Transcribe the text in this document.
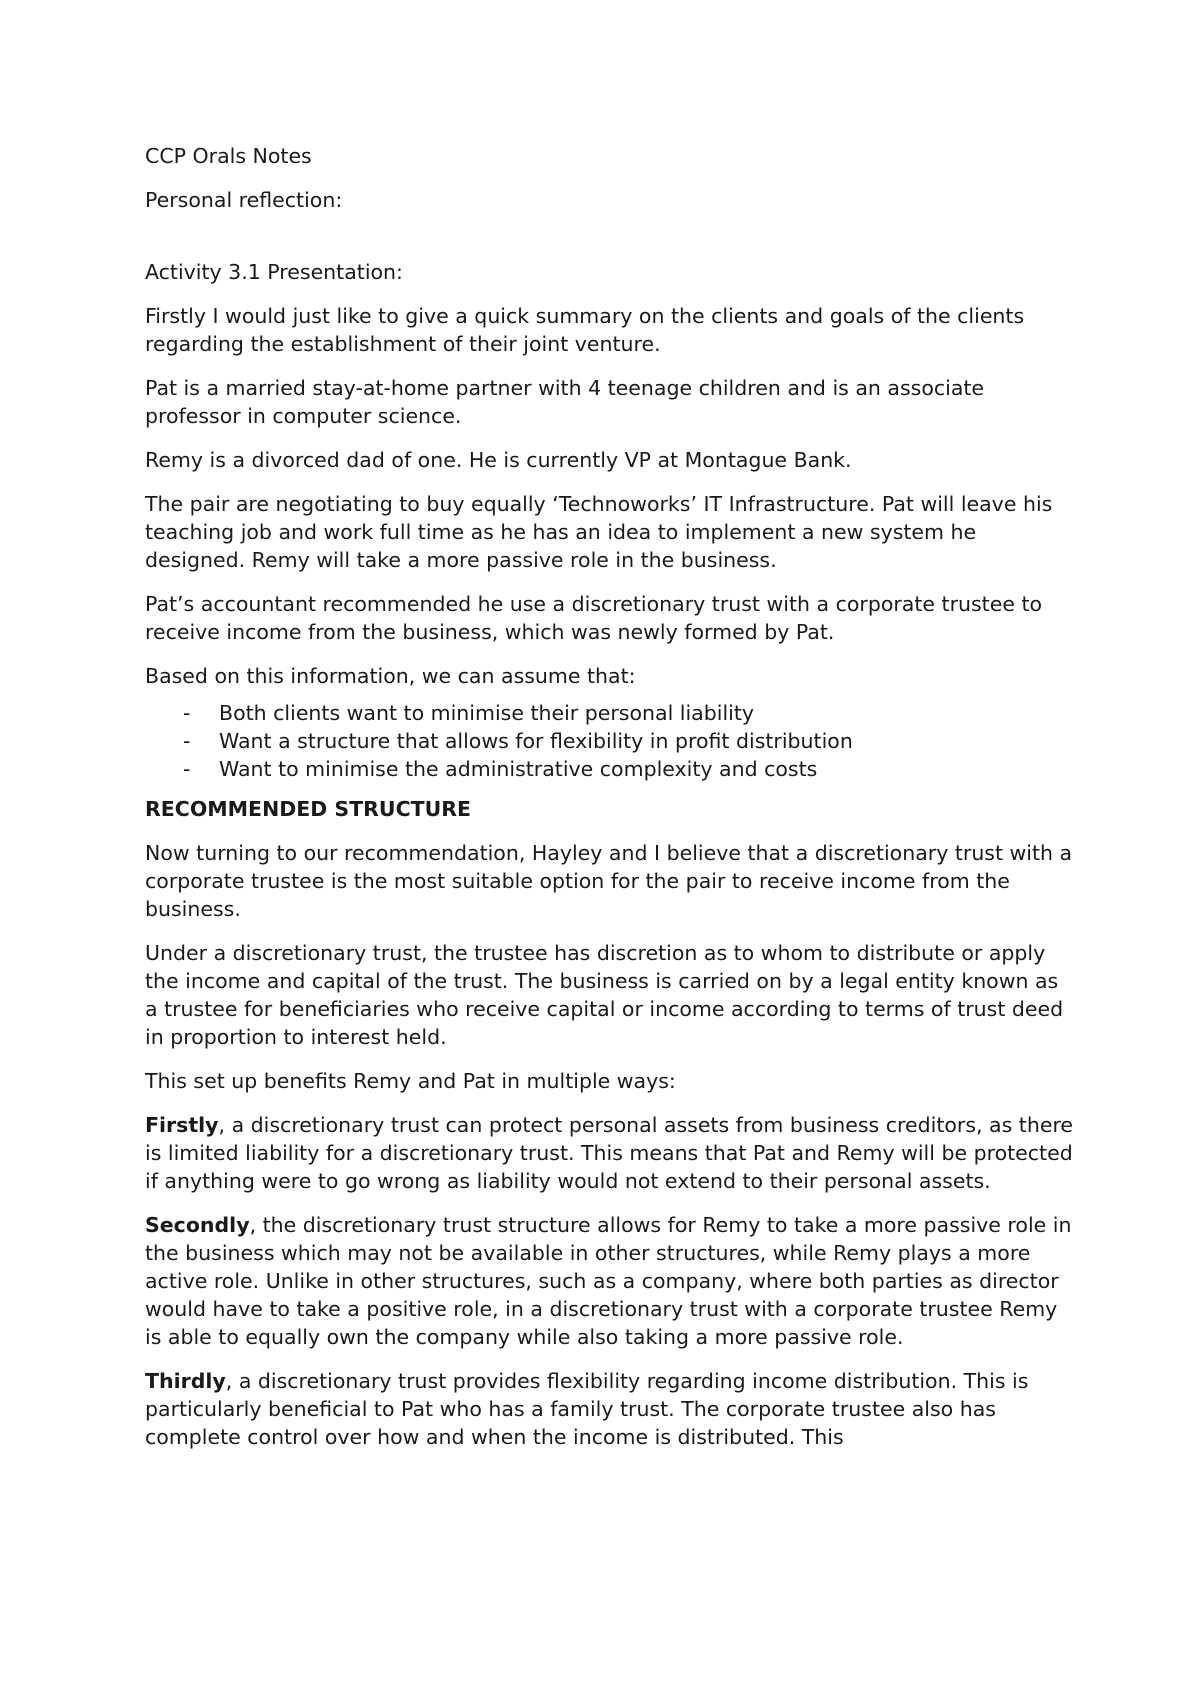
CCP Orals Notes

Personal reflection:

Activity 3.1 Presentation:

Firstly I would just like to give a quick summary on the clients and goals of the clients regarding the establishment of their joint venture.

Pat is a married stay-at-home partner with 4 teenage children and is an associate professor in computer science.

Remy is a divorced dad of one. He is currently VP at Montague Bank.

The pair are negotiating to buy equally ‘Technoworks’ IT Infrastructure. Pat will leave his teaching job and work full time as he has an idea to implement a new system he designed. Remy will take a more passive role in the business.

Pat’s accountant recommended he use a discretionary trust with a corporate trustee to receive income from the business, which was newly formed by Pat.

Based on this information, we can assume that:

- Both clients want to minimise their personal liability
- Want a structure that allows for flexibility in profit distribution
- Want to minimise the administrative complexity and costs

RECOMMENDED STRUCTURE

Now turning to our recommendation, Hayley and I believe that a discretionary trust with a corporate trustee is the most suitable option for the pair to receive income from the business.

Under a discretionary trust, the trustee has discretion as to whom to distribute or apply the income and capital of the trust. The business is carried on by a legal entity known as a trustee for beneficiaries who receive capital or income according to terms of trust deed in proportion to interest held.

This set up benefits Remy and Pat in multiple ways:

Firstly, a discretionary trust can protect personal assets from business creditors, as there is limited liability for a discretionary trust. This means that Pat and Remy will be protected if anything were to go wrong as liability would not extend to their personal assets.

Secondly, the discretionary trust structure allows for Remy to take a more passive role in the business which may not be available in other structures, while Remy plays a more active role. Unlike in other structures, such as a company, where both parties as director would have to take a positive role, in a discretionary trust with a corporate trustee Remy is able to equally own the company while also taking a more passive role.

Thirdly, a discretionary trust provides flexibility regarding income distribution. This is particularly beneficial to Pat who has a family trust. The corporate trustee also has complete control over how and when the income is distributed. This
